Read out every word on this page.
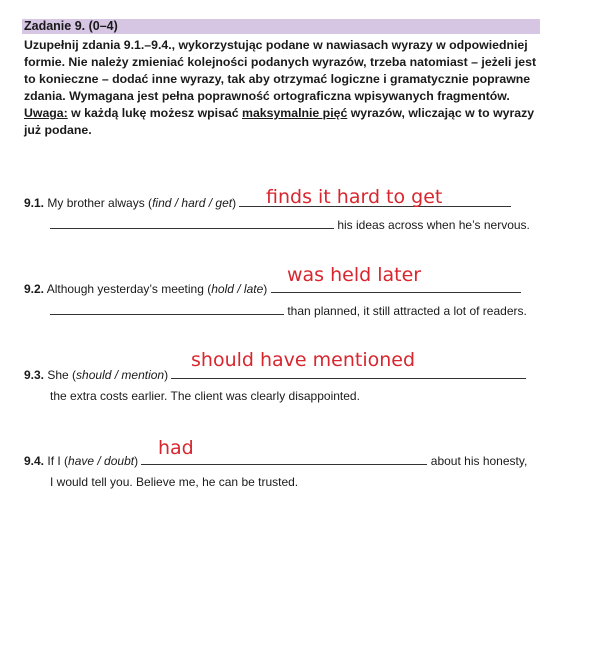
Zadanie 9. (0–4)

Uzupełnij zdania 9.1.–9.4., wykorzystując podane w nawiasach wyrazy w odpowiedniej formie. Nie należy zmieniać kolejności podanych wyrazów, trzeba natomiast – jeżeli jest to konieczne – dodać inne wyrazy, tak aby otrzymać logiczne i gramatycznie poprawne zdania. Wymagana jest pełna poprawność ortograficzna wpisywanych fragmentów.

Uwaga: w każdą lukę możesz wpisać maksymalnie pięć wyrazów, wliczając w to wyrazy już podane.

9.1. My brother always (find / hard / get)	finds it hard to get
his ideas across when he’s nervous.
9.2. Although yesterday’s meeting (hold / late)
was held later
than planned, it still attracted a lot of readers.
9.3. She (should / mention)
should have mentioned
the extra costs earlier. The client was clearly disappointed.
9.4. If I (have / doubt)	about his honesty,
had
I would tell you. Believe me, he can be trusted.
